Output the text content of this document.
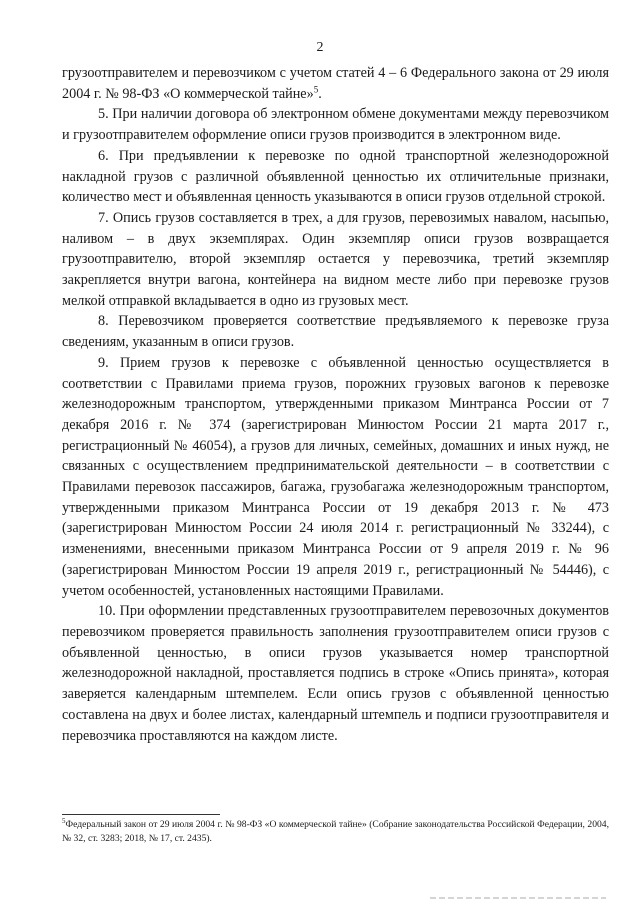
2

грузоотправителем и перевозчиком с учетом статей 4 – 6 Федерального закона от 29 июля 2004 г. № 98-ФЗ «О коммерческой тайне»$^5$.

5. При наличии договора об электронном обмене документами между перевозчиком и грузоотправителем оформление описи грузов производится в электронном виде.

6. При предъявлении к перевозке по одной транспортной железнодорожной накладной грузов с различной объявленной ценностью их отличительные признаки, количество мест и объявленная ценность указываются в описи грузов отдельной строкой.

7. Опись грузов составляется в трех, а для грузов, перевозимых навалом, насыпью, наливом – в двух экземплярах. Один экземпляр описи грузов возвращается грузоотправителю, второй экземпляр остается у перевозчика, третий экземпляр закрепляется внутри вагона, контейнера на видном месте либо при перевозке грузов мелкой отправкой вкладывается в одно из грузовых мест.

8. Перевозчиком проверяется соответствие предъявляемого к перевозке груза сведениям, указанным в описи грузов.

9. Прием грузов к перевозке с объявленной ценностью осуществляется в соответствии с Правилами приема грузов, порожних грузовых вагонов к перевозке железнодорожным транспортом, утвержденными приказом Минтранса России от 7 декабря 2016 г. № 374 (зарегистрирован Минюстом России 21 марта 2017 г., регистрационный № 46054), а грузов для личных, семейных, домашних и иных нужд, не связанных с осуществлением предпринимательской деятельности – в соответствии с Правилами перевозок пассажиров, багажа, грузобагажа железнодорожным транспортом, утвержденными приказом Минтранса России от 19 декабря 2013 г. № 473 (зарегистрирован Минюстом России 24 июля 2014 г. регистрационный № 33244), с изменениями, внесенными приказом Минтранса России от 9 апреля 2019 г. № 96 (зарегистрирован Минюстом России 19 апреля 2019 г., регистрационный № 54446), с учетом особенностей, установленных настоящими Правилами.

10. При оформлении представленных грузоотправителем перевозочных документов перевозчиком проверяется правильность заполнения грузоотправителем описи грузов с объявленной ценностью, в описи грузов указывается номер транспортной железнодорожной накладной, проставляется подпись в строке «Опись принята», которая заверяется календарным штемпелем. Если опись грузов с объявленной ценностью составлена на двух и более листах, календарный штемпель и подписи грузоотправителя и перевозчика проставляются на каждом листе.

$^5$Федеральный закон от 29 июля 2004 г. № 98-ФЗ «О коммерческой тайне» (Собрание законодательства Российской Федерации, 2004, № 32, ст. 3283; 2018, № 17, ст. 2435).
